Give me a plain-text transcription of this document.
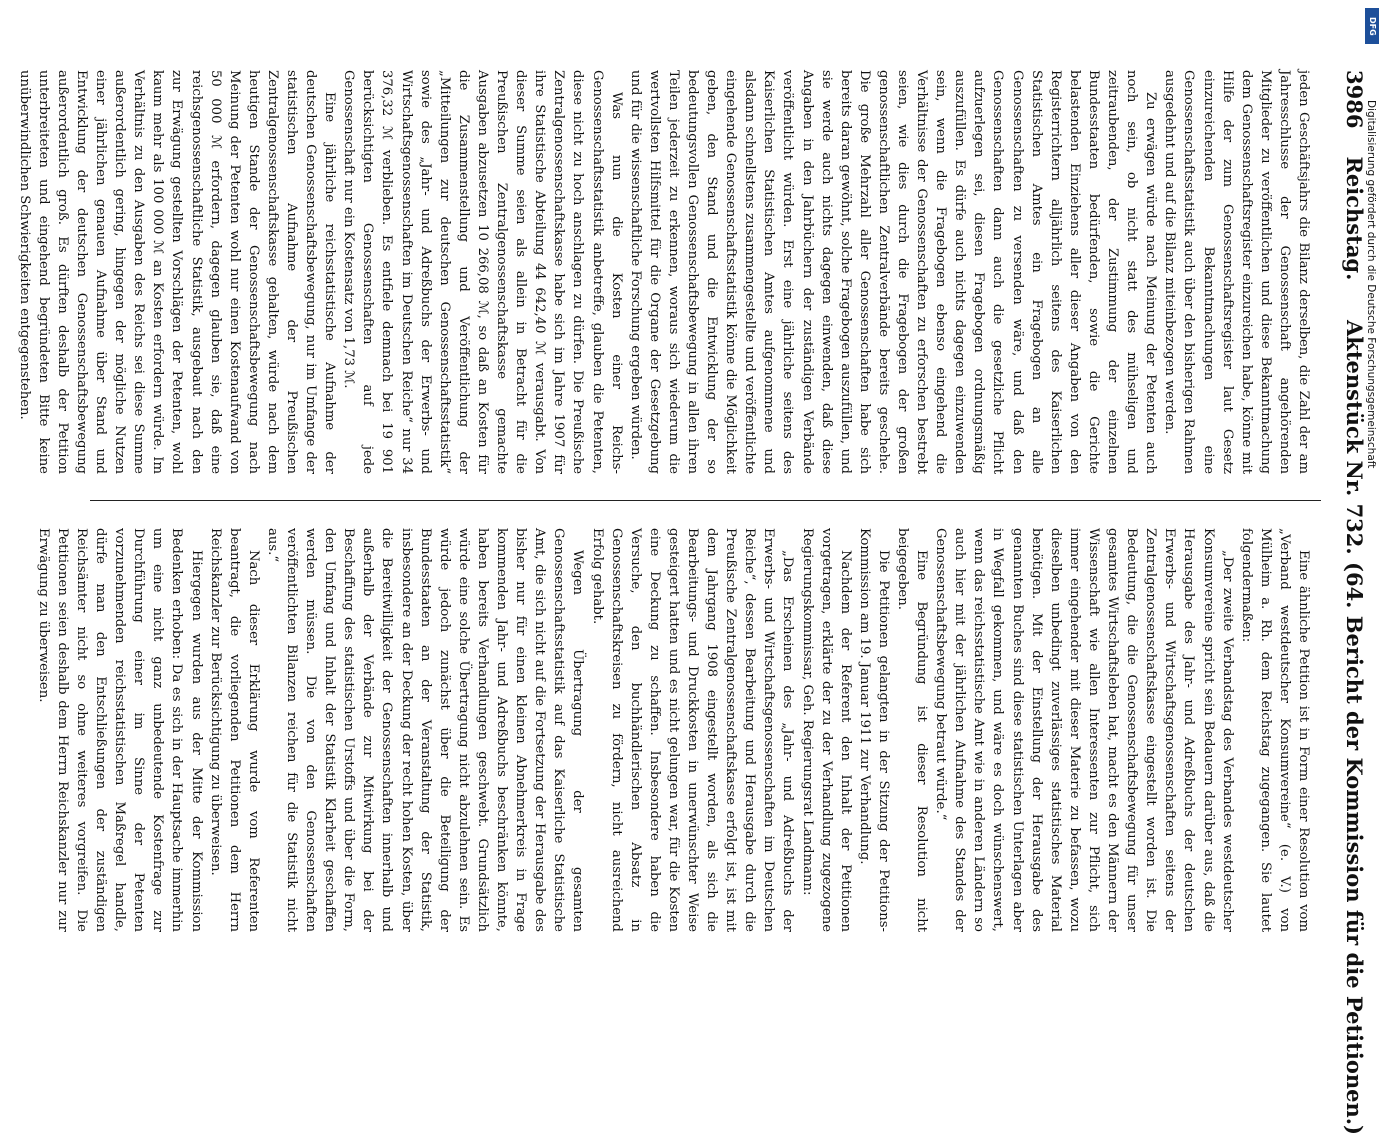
3986
Reichstag.
Aktenstück Nr. 732. (64. Bericht der Kommission für die Petitionen.)

jeden Geschäftsjahrs die Bilanz derselben, die Zahl der am Jahresschlusse der Genossenschaft angehörenden Mitglieder zu veröffentlichen und diese Bekanntmachung dem Genossenschaftsregister einzureichen habe, könne mit Hilfe der zum Genossenschaftsregister laut Gesetz einzureichenden Bekanntmachungen eine Genossenschaftsstatistik auch über den bisherigen Rahmen ausgedehnt und auf die Bilanz miteinbezogen werden.

Zu erwägen würde nach Meinung der Petenten auch noch sein, ob nicht statt des mühseligen und zeitraubenden, der Zustimmung der einzelnen Bundesstaaten bedürfenden, sowie die Gerichte belastenden Einziehens aller dieser Angaben von den Registerrichtern alljährlich seitens des Kaiserlichen Statistischen Amtes ein Fragebogen an alle Genossenschaften zu versenden wäre, und daß den Genossenschaften dann auch die gesetzliche Pflicht aufzuerlegen sei, diesen Fragebogen ordnungsmäßig auszufüllen. Es dürfe auch nichts dagegen einzuwenden sein, wenn die Fragebogen ebenso eingehend die Verhältnisse der Genossenschaften zu erforschen bestrebt seien, wie dies durch die Fragebogen der großen genossenschaftlichen Zentralverbände bereits geschehe. Die große Mehrzahl aller Genossenschaften habe sich bereits daran gewöhnt, solche Fragebogen auszufüllen, und sie werde auch nichts dagegen einwenden, daß diese Angaben in den Jahrbüchern der zuständigen Verbände veröffentlicht würden. Erst eine jährliche seitens des Kaiserlichen Statistischen Amtes aufgenommene und alsdann schnellstens zusammengestellte und veröffentlichte eingehende Genossenschaftsstatistik könne die Möglichkeit geben, den Stand und die Entwicklung der so bedeutungsvollen Genossenschaftsbewegung in allen ihren Teilen jederzeit zu erkennen, woraus sich wiederum die wertvollsten Hilfsmittel für die Organe der Gesetzgebung und für die wissenschaftliche Forschung ergeben würden.

Was nun die Kosten einer Reichs-Genossenschaftsstatistik anbetreffe, glauben die Petenten, diese nicht zu hoch anschlagen zu dürfen. Die Preußische Zentralgenossenschaftskasse habe sich im Jahre 1907 für ihre Statistische Abteilung 44 642,40 ℳ verausgabt. Von dieser Summe seien als allein in Betracht für die Preußischen Zentralgenossenschaftskasse gemachte Ausgaben abzusetzen 10 266,08 ℳ, so daß an Kosten für die Zusammenstellung und Veröffentlichung der „Mitteilungen zur deutschen Genossenschaftsstatistik“ sowie des „Jahr- und Adreßbuchs der Erwerbs- und Wirtschaftsgenossenschaften im Deutschen Reiche“ nur 34 376,32 ℳ verblieben. Es entfiele demnach bei 19 901 berücksichtigten Genossenschaften auf jede Genossenschaft nur ein Kostensatz von 1,73 ℳ.

Eine jährliche reichsstatistische Aufnahme der deutschen Genossenschaftsbewegung, nur im Umfange der statistischen Aufnahme der Preußischen Zentralgenossenschaftskasse gehalten, würde nach dem heutigen Stande der Genossenschaftsbewegung nach Meinung der Petenten wohl nur einen Kostenaufwand von 50 000 ℳ erfordern, dagegen glauben sie, daß eine reichsgenossenschaftliche Statistik, ausgebaut nach den zur Erwägung gestellten Vorschlägen der Petenten, wohl kaum mehr als 100 000 ℳ an Kosten erfordern würde. Im Verhältnis zu den Ausgaben des Reichs sei diese Summe außerordentlich gering, hingegen der mögliche Nutzen einer jährlichen genauen Aufnahme über Stand und Entwicklung der deutschen Genossenschaftsbewegung außerordentlich groß. Es dürften deshalb der Petition unterbreiteten und eingehend begründeten Bitte keine unüberwindlichen Schwierigkeiten entgegenstehen.

Eine ähnliche Petition ist in Form einer Resolution vom „Verband westdeutscher Konsumvereine“ (e. V.) von Mülheim a. Rh. dem Reichstag zugegangen. Sie lautet folgendermaßen:

„Der zweite Verbandstag des Verbandes westdeutscher Konsumvereine spricht sein Bedauern darüber aus, daß die Herausgabe des Jahr- und Adreßbuchs der deutschen Erwerbs- und Wirtschaftsgenossenschaften seitens der Zentralgenossenschaftskasse eingestellt worden ist. Die Bedeutung, die die Genossenschaftsbewegung für unser gesamtes Wirtschaftsleben hat, macht es den Männern der Wissenschaft wie allen Interessenten zur Pflicht, sich immer eingehender mit dieser Materie zu befassen, wozu dieselben unbedingt zuverlässiges statistisches Material benötigen. Mit der Einstellung der Herausgabe des genannten Buches sind diese statistischen Unterlagen aber in Wegfall gekommen, und wäre es doch wünschenswert, wenn das reichsstatistische Amt wie in anderen Ländern so auch hier mit der jährlichen Aufnahme des Standes der Genossenschaftsbewegung betraut würde.“

Eine Begründung ist dieser Resolution nicht beigegeben.

Die Petitionen gelangten in der Sitzung der Petitions-Kommission am 19. Januar 1911 zur Verhandlung.

Nachdem der Referent den Inhalt der Petitionen vorgetragen, erklärte der zu der Verhandlung zugezogene Regierungskommissar, Geh. Regierungsrat Landmann:

„Das Erscheinen des „Jahr- und Adreßbuchs der Erwerbs- und Wirtschaftsgenossenschaften im Deutschen Reiche“, dessen Bearbeitung und Herausgabe durch die Preußische Zentralgenossenschaftskasse erfolgt ist, ist mit dem Jahrgang 1908 eingestellt worden, als sich die Bearbeitungs- und Druckkosten in unerwünschter Weise gesteigert hatten und es nicht gelungen war, für die Kosten eine Deckung zu schaffen. Insbesondere haben die Versuche, den buchhändlerischen Absatz in Genossenschaftskreisen zu fördern, nicht ausreichend Erfolg gehabt.

Wegen Übertragung der gesamten Genossenschaftsstatistik auf das Kaiserliche Statistische Amt, die sich nicht auf die Fortsetzung der Herausgabe des bisher nur für einen kleinen Abnehmerkreis in Frage kommenden Jahr- und Adreßbuchs beschränken könnte, haben bereits Verhandlungen geschwebt. Grundsätzlich würde eine solche Übertragung nicht abzulehnen sein. Es würde jedoch zunächst über die Beteiligung der Bundesstaaten an der Veranstaltung der Statistik, insbesondere an der Deckung der recht hohen Kosten, über die Bereitwilligkeit der Genossenschaften innerhalb und außerhalb der Verbände zur Mitwirkung bei der Beschaffung des statistischen Urstoffs und über die Form, den Umfang und Inhalt der Statistik Klarheit geschaffen werden müssen. Die von den Genossenschaften veröffentlichten Bilanzen reichen für die Statistik nicht aus.“

Nach dieser Erklärung wurde vom Referenten beantragt, die vorliegenden Petitionen dem Herrn Reichskanzler zur Berücksichtigung zu überweisen.

Hiergegen wurden aus der Mitte der Kommission Bedenken erhoben: Da es sich in der Hauptsache immerhin um eine nicht ganz unbedeutende Kostenfrage zur Durchführung einer im Sinne der Petenten vorzunehmenden reichsstatistischen Maßregel handle, dürfe man den Entschließungen der zuständigen Reichsämter nicht so ohne weiteres vorgreifen. Die Petitionen seien deshalb dem Herrn Reichskanzler nur zur Erwägung zu überweisen.

DFG
Digitalisierung gefördert durch die Deutsche Forschungsgemeinschaft
